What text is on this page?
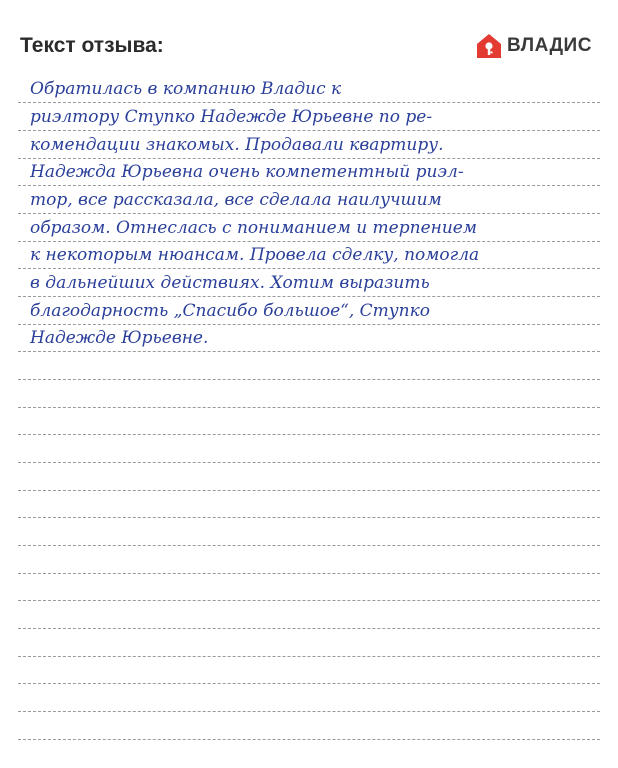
Текст отзыва:	ВЛАДИС
Обратилась в компанию Владис к
риэлтору Ступко Надежде Юрьевне по ре-
комендации знакомых. Продавали квартиру.
Надежда Юрьевна очень компетентный риэл-
тор, все рассказала, все сделала наилучшим
образом. Отнеслась с пониманием и терпением
к некоторым нюансам. Провела сделку, помогла
в дальнейших действиях. Хотим выразить
благодарность „Спасибо большое“, Ступко
Надежде Юрьевне.
